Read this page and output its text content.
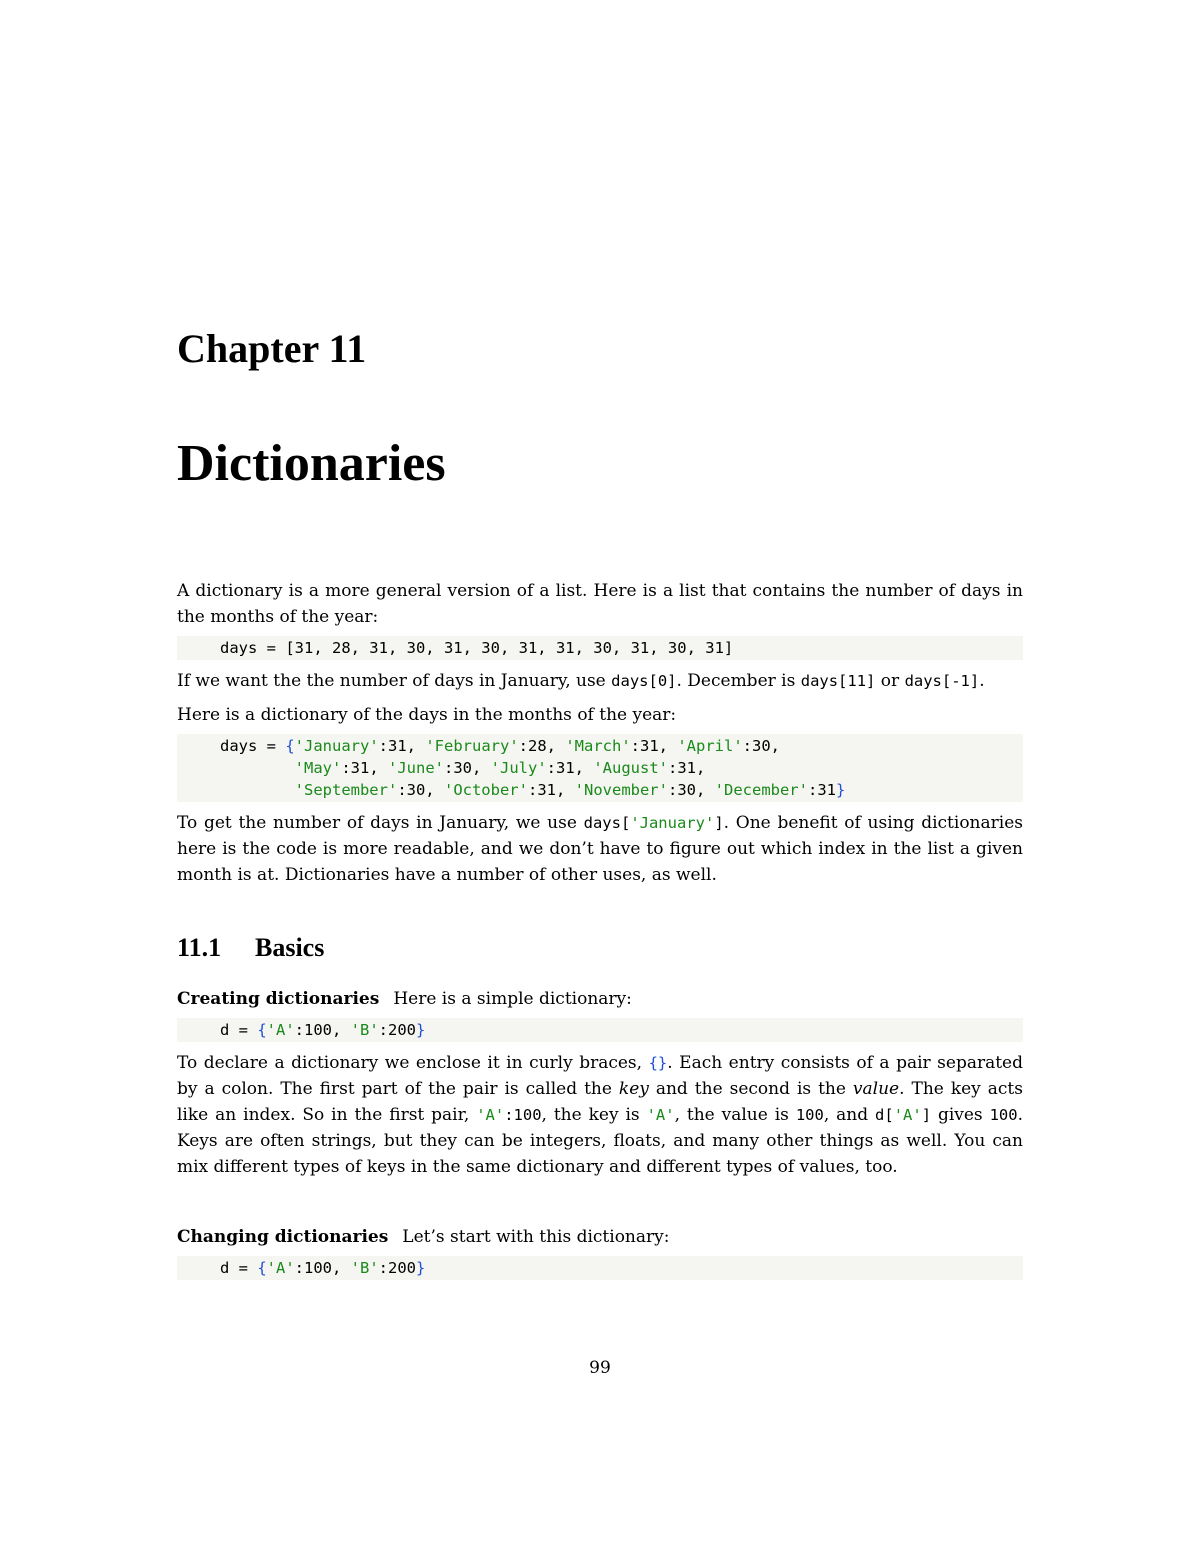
Chapter 11
Dictionaries

A dictionary is a more general version of a list. Here is a list that contains the number of days in the months of the year:

days = [31, 28, 31, 30, 31, 30, 31, 31, 30, 31, 30, 31]

If we want the the number of days in January, use days[0]. December is days[11] or days[-1].

Here is a dictionary of the days in the months of the year:

days = {'January':31, 'February':28, 'March':31, 'April':30,
'May':31, 'June':30, 'July':31, 'August':31,
'September':30, 'October':31, 'November':30, 'December':31}

To get the number of days in January, we use days['January']. One benefit of using dictionaries here is the code is more readable, and we don’t have to figure out which index in the list a given month is at. Dictionaries have a number of other uses, as well.

11.1 Basics

Creating dictionaries Here is a simple dictionary:

d = {'A':100, 'B':200}

To declare a dictionary we enclose it in curly braces, {}. Each entry consists of a pair separated by a colon. The first part of the pair is called the key and the second is the value. The key acts like an index. So in the first pair, 'A':100, the key is 'A', the value is 100, and d['A'] gives 100. Keys are often strings, but they can be integers, floats, and many other things as well. You can mix different types of keys in the same dictionary and different types of values, too.

Changing dictionaries Let’s start with this dictionary:

d = {'A':100, 'B':200}
99
